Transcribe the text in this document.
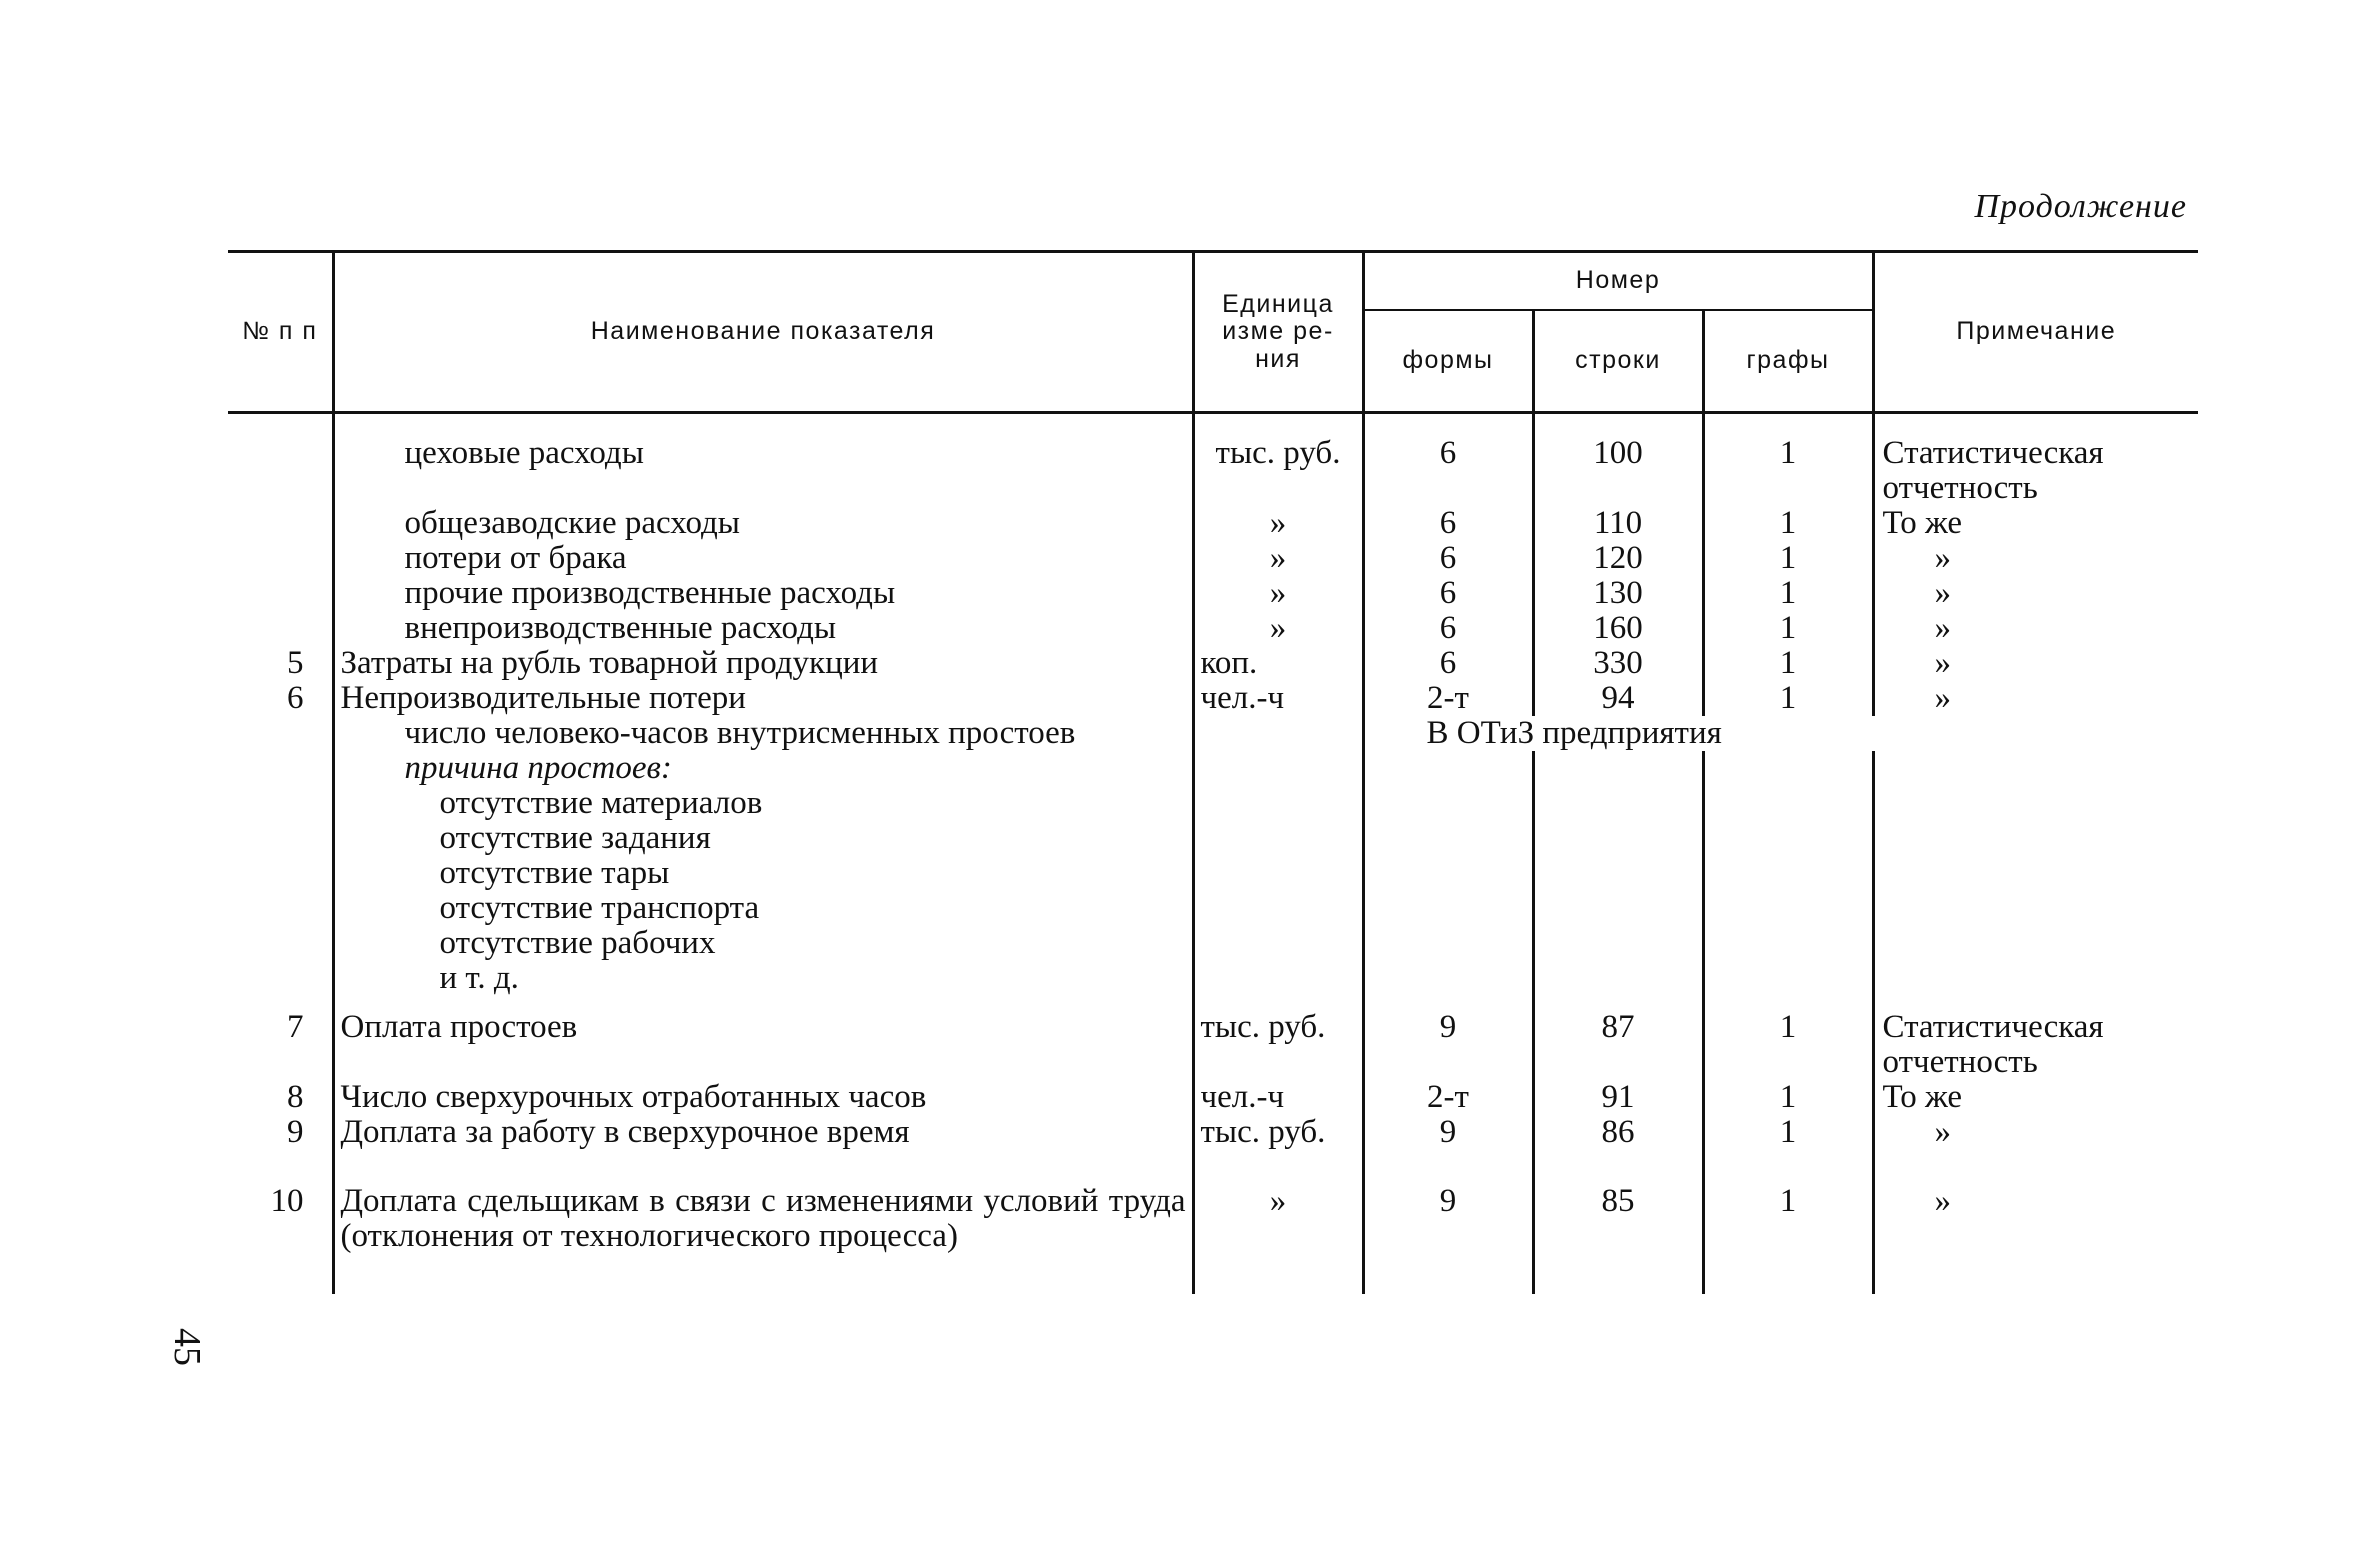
Продолжение
45
№ п п	Наименование показателя	Единица изме ре-ния	Номер			Примечание
			формы	строки	графы	
	цеховые расходы	тыс. руб.	6	100	1	Статистическая отчетность
	общезаводские расходы	»	6	110	1	То же
	потери от брака	»	6	120	1	»
	прочие производственные расходы	»	6	130	1	»
	внепроизводственные расходы	»	6	160	1	»
5	Затраты на рубль товарной продукции	коп.	6	330	1	»
6	Непроизводительные потери	чел.-ч	2-т	94	1	»
	число человеко-часов внутрисменных простоев		В ОТиЗ предприятия			
	причина простоев:					
	отсутствие материалов					
	отсутствие задания					
	отсутствие тары					
	отсутствие транспорта					
	отсутствие рабочих					
	и т. д.					
7	Оплата простоев	тыс. руб.	9	87	1	Статистическая отчетность
8	Число сверхурочных отработанных часов	чел.-ч	2-т	91	1	То же
9	Доплата за работу в сверхурочное время	тыс. руб.	9	86	1	»
10	Доплата сдельщикам в связи с изменениями условий труда (отклонения от технологического процесса)	»	9	85	1	»
